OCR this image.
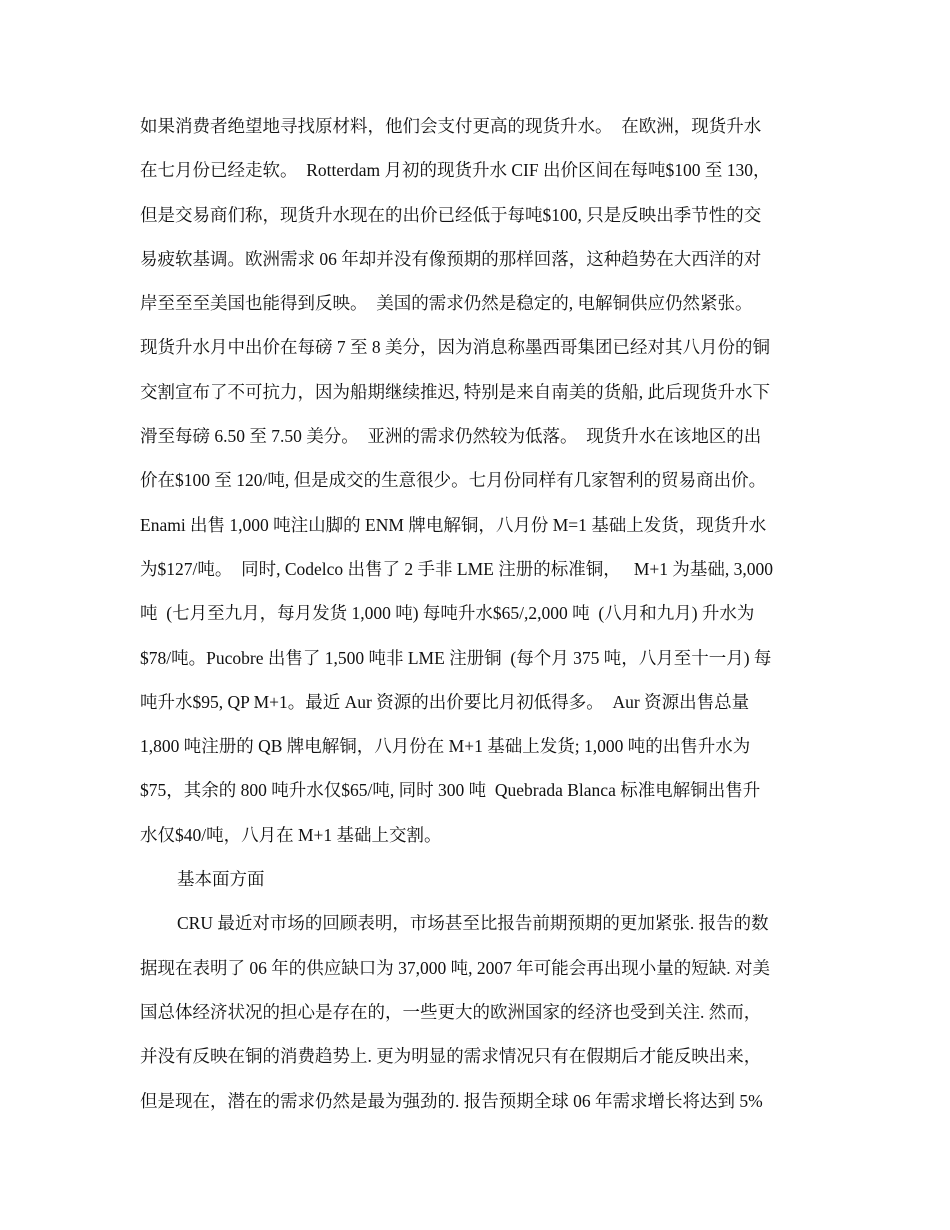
如果消费者绝望地寻找原材料，他们会支付更高的现货升水。  在欧洲，现货升水
在七月份已经走软。  Rotterdam 月初的现货升水 CIF 出价区间在每吨$100 至 130，
但是交易商们称，现货升水现在的出价已经低于每吨$100, 只是反映出季节性的交
易疲软基调。欧洲需求 06 年却并没有像预期的那样回落，这种趋势在大西洋的对
岸至至至美国也能得到反映。  美国的需求仍然是稳定的, 电解铜供应仍然紧张。
现货升水月中出价在每磅 7 至 8 美分，因为消息称墨西哥集团已经对其八月份的铜
交割宣布了不可抗力，因为船期继续推迟, 特别是来自南美的货船, 此后现货升水下
滑至每磅 6.50 至 7.50 美分。  亚洲的需求仍然较为低落。  现货升水在该地区的出
价在$100 至 120/吨, 但是成交的生意很少。七月份同样有几家智利的贸易商出价。
Enami 出售 1,000 吨注山脚的 ENM 牌电解铜，八月份 M=1 基础上发货，现货升水
为$127/吨。  同时, Codelco 出售了 2 手非 LME 注册的标准铜，   M+1 为基础, 3,000
吨  (七月至九月，每月发货 1,000 吨) 每吨升水$65/,2,000 吨  (八月和九月) 升水为
$78/吨。Pucobre 出售了 1,500 吨非 LME 注册铜  (每个月 375 吨，八月至十一月) 每
吨升水$95, QP M+1。最近 Aur 资源的出价要比月初低得多。  Aur 资源出售总量
1,800 吨注册的 QB 牌电解铜，八月份在 M+1 基础上发货; 1,000 吨的出售升水为
$75，其余的 800 吨升水仅$65/吨, 同时 300 吨  Quebrada Blanca 标准电解铜出售升
水仅$40/吨，八月在 M+1 基础上交割。
基本面方面
CRU 最近对市场的回顾表明，市场甚至比报告前期预期的更加紧张. 报告的数
据现在表明了 06 年的供应缺口为 37,000 吨, 2007 年可能会再出现小量的短缺. 对美
国总体经济状况的担心是存在的，一些更大的欧洲国家的经济也受到关注. 然而，
并没有反映在铜的消费趋势上. 更为明显的需求情况只有在假期后才能反映出来，
但是现在，潜在的需求仍然是最为强劲的. 报告预期全球 06 年需求增长将达到 5%
